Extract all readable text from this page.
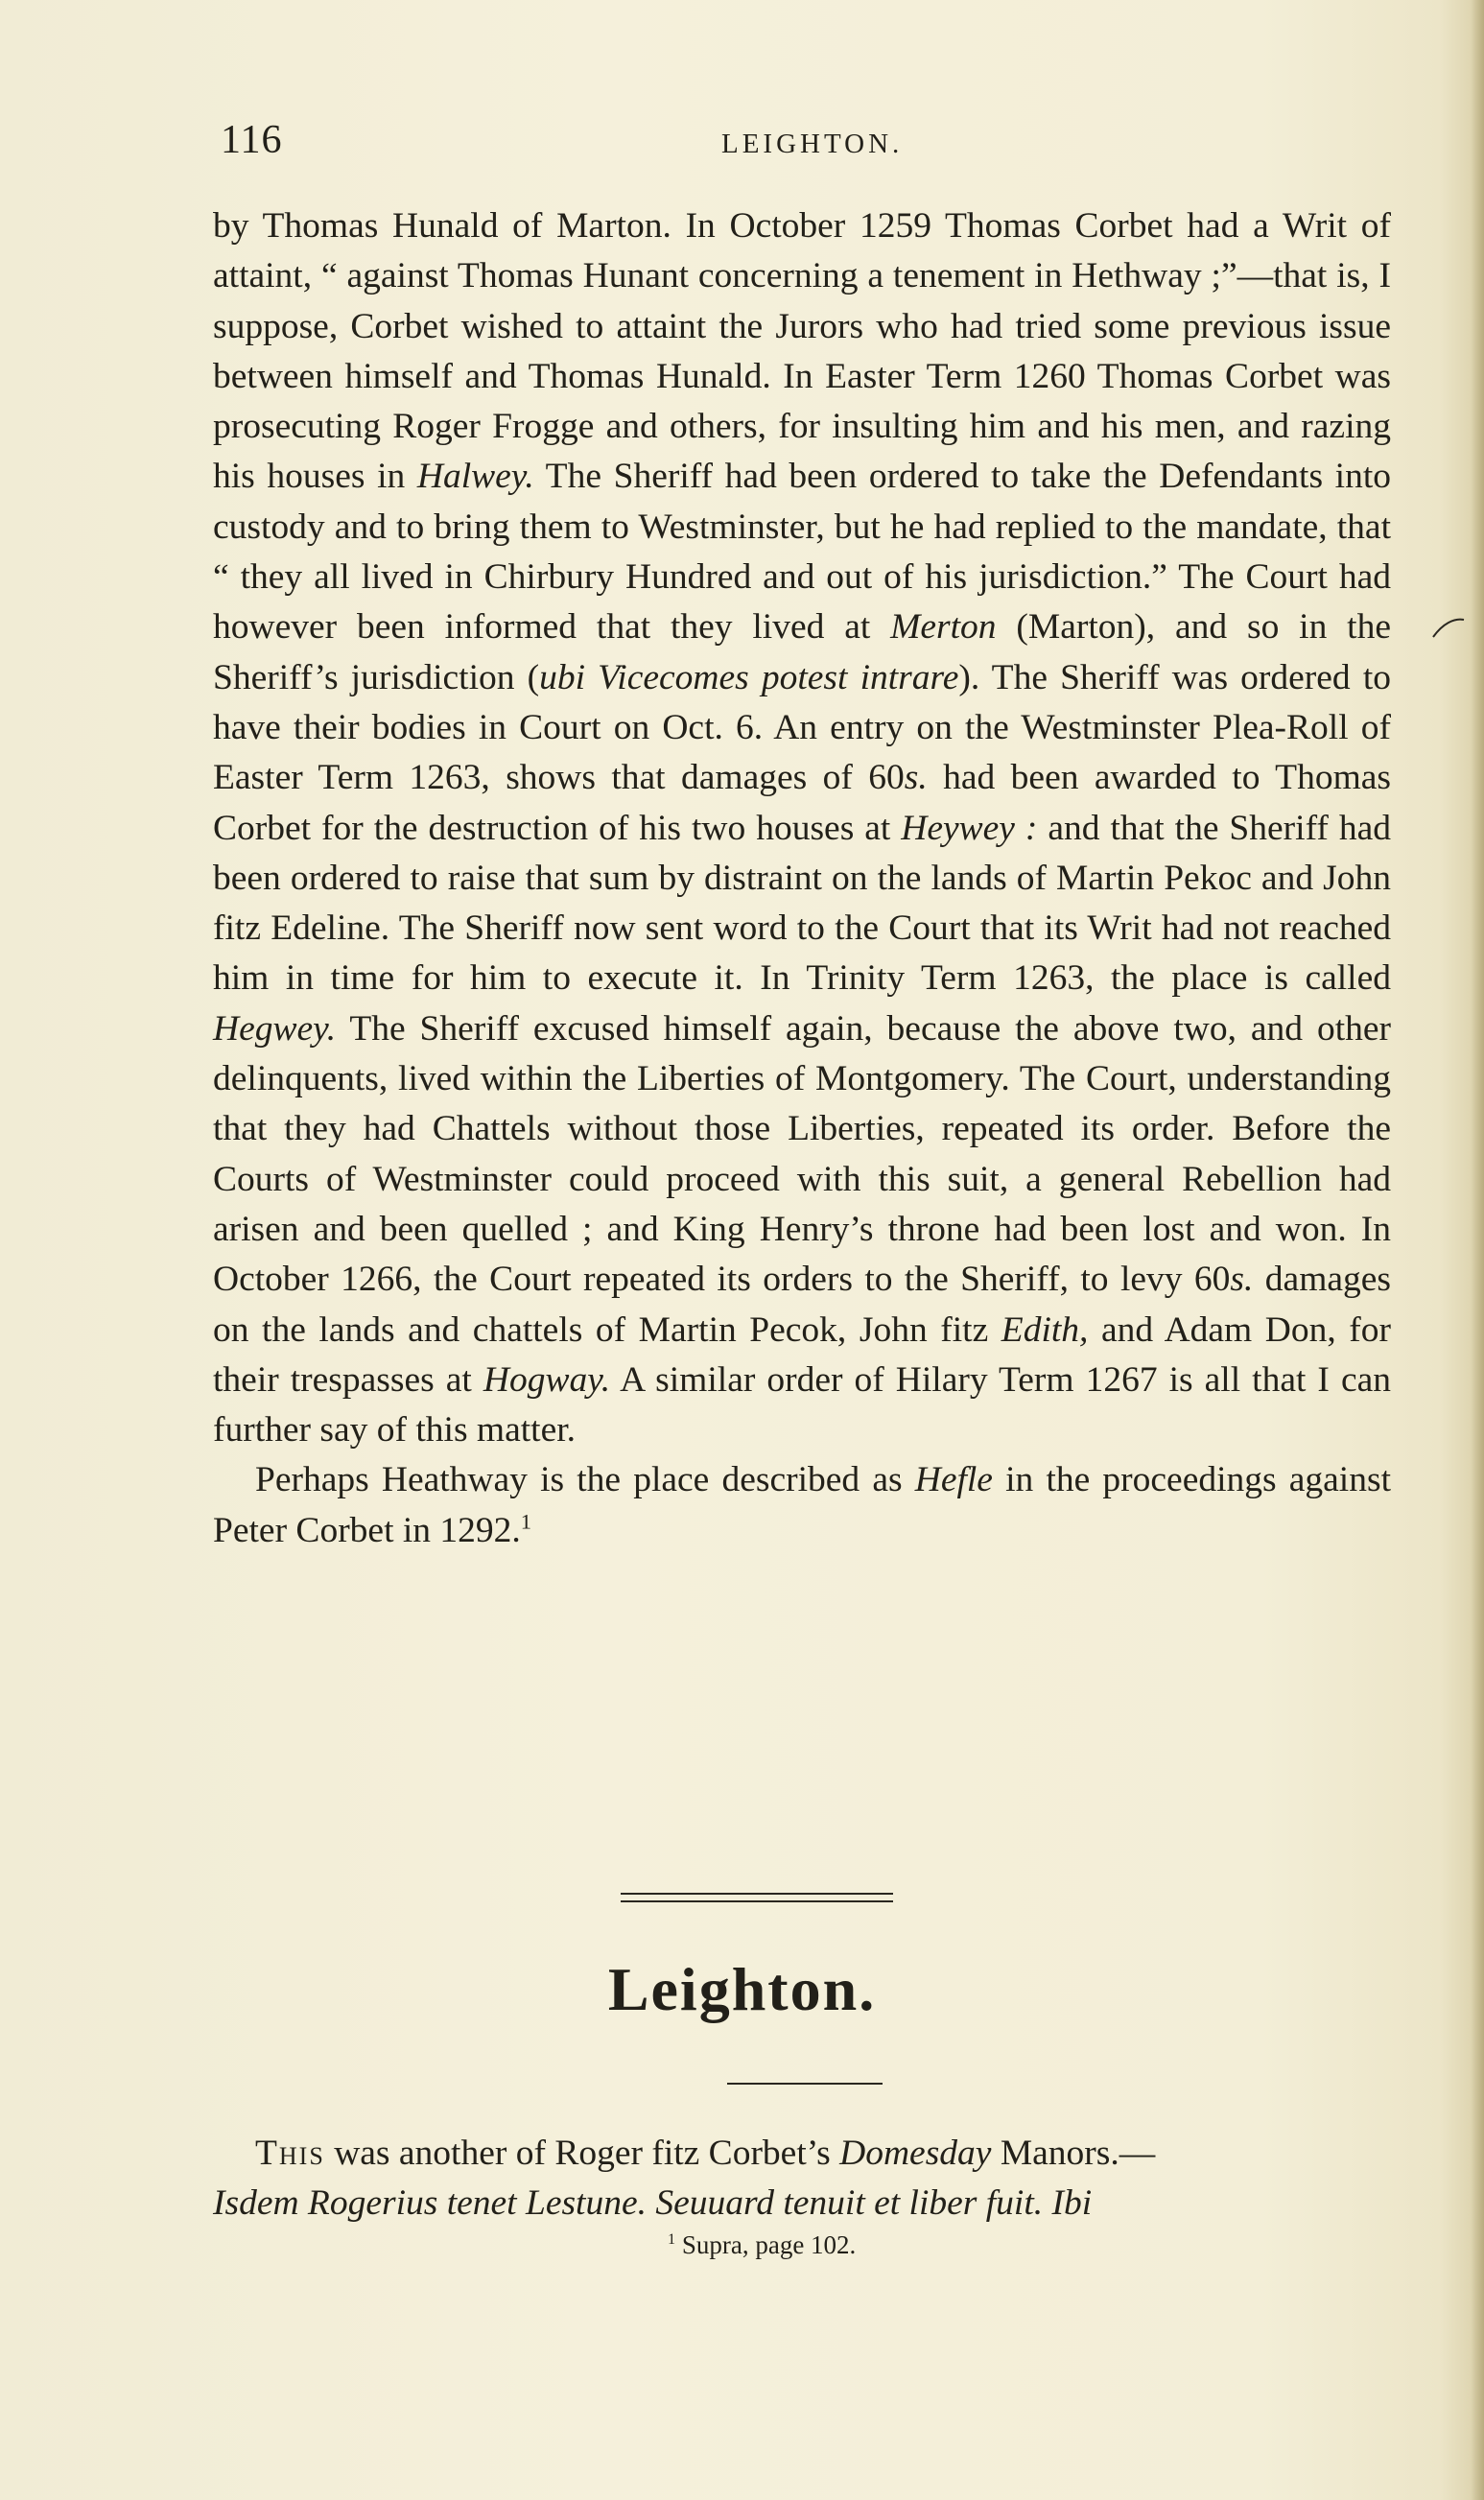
116	LEIGHTON.

by Thomas Hunald of Marton. In October 1259 Thomas Corbet had a Writ of attaint, “ against Thomas Hunant concerning a tenement in Hethway ;”—that is, I suppose, Corbet wished to attaint the Jurors who had tried some previous issue between himself and Thomas Hunald. In Easter Term 1260 Thomas Corbet was prosecuting Roger Frogge and others, for insulting him and his men, and razing his houses in Halwey. The Sheriff had been ordered to take the Defendants into custody and to bring them to Westminster, but he had replied to the mandate, that “ they all lived in Chirbury Hundred and out of his jurisdiction.” The Court had however been informed that they lived at Merton (Marton), and so in the Sheriff’s jurisdiction (ubi Vicecomes potest intrare). The Sheriff was ordered to have their bodies in Court on Oct. 6. An entry on the Westminster Plea-Roll of Easter Term 1263, shows that damages of 60s. had been awarded to Thomas Corbet for the destruction of his two houses at Heywey : and that the Sheriff had been ordered to raise that sum by distraint on the lands of Martin Pekoc and John fitz Edeline. The Sheriff now sent word to the Court that its Writ had not reached him in time for him to execute it. In Trinity Term 1263, the place is called Hegwey. The Sheriff excused himself again, because the above two, and other delinquents, lived within the Liberties of Montgomery. The Court, understanding that they had Chattels without those Liberties, repeated its order. Before the Courts of Westminster could proceed with this suit, a general Rebellion had arisen and been quelled ; and King Henry’s throne had been lost and won. In October 1266, the Court repeated its orders to the Sheriff, to levy 60s. damages on the lands and chattels of Martin Pecok, John fitz Edith, and Adam Don, for their trespasses at Hogway. A similar order of Hilary Term 1267 is all that I can further say of this matter.

Perhaps Heathway is the place described as Hefle in the proceedings against Peter Corbet in 1292.$^1$

Leighton.

This was another of Roger fitz Corbet’s Domesday Manors.—

Isdem Rogerius tenet Lestune. Seuuard tenuit et liber fuit. Ibi

$^1$ Supra, page 102.
